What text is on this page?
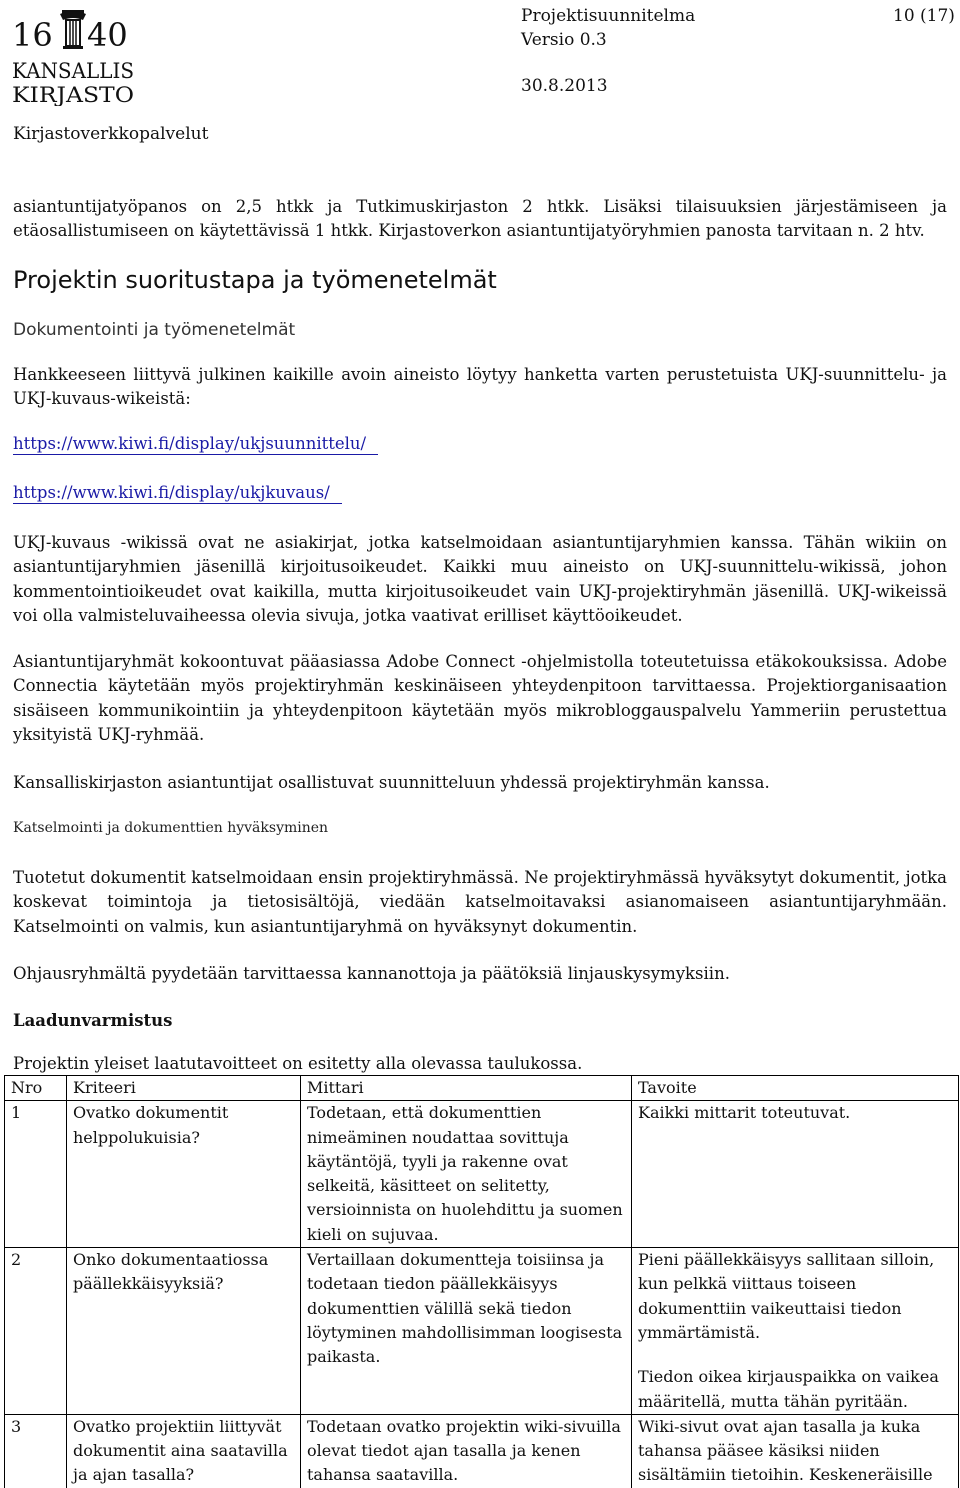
16 40
KANSALLIS
KIRJASTO
Projektisuunnitelma	10 (17)
Versio 0.3
30.8.2013
Kirjastoverkkopalvelut
asiantuntijatyöpanos on 2,5 htkk ja Tutkimuskirjaston 2 htkk. Lisäksi tilaisuuksien järjestämiseen ja etäosallistumiseen on käytettävissä 1 htkk. Kirjastoverkon asiantuntijatyöryhmien panosta tarvitaan n. 2 htv.
Projektin suoritustapa ja työmenetelmät
Dokumentointi ja työmenetelmät
Hankkeeseen liittyvä julkinen kaikille avoin aineisto löytyy hanketta varten perustetuista UKJ-suunnittelu- ja UKJ-kuvaus-wikeistä:
https://www.kiwi.fi/display/ukjsuunnittelu/
https://www.kiwi.fi/display/ukjkuvaus/
UKJ-kuvaus -wikissä ovat ne asiakirjat, jotka katselmoidaan asiantuntijaryhmien kanssa. Tähän wikiin on asiantuntijaryhmien jäsenillä kirjoitusoikeudet. Kaikki muu aineisto on UKJ-suunnittelu-wikissä, johon kommentointioikeudet ovat kaikilla, mutta kirjoitusoikeudet vain UKJ-projektiryhmän jäsenillä. UKJ-wikeissä voi olla valmisteluvaiheessa olevia sivuja, jotka vaativat erilliset käyttöoikeudet.
Asiantuntijaryhmät kokoontuvat pääasiassa Adobe Connect -ohjelmistolla toteutetuissa etäkokouksissa. Adobe Connectia käytetään myös projektiryhmän keskinäiseen yhteydenpitoon tarvittaessa. Projektiorganisaation sisäiseen kommunikointiin ja yhteydenpitoon käytetään myös mikrobloggauspalvelu Yammeriin perustettua yksityistä UKJ-ryhmää.
Kansalliskirjaston asiantuntijat osallistuvat suunnitteluun yhdessä projektiryhmän kanssa.
Katselmointi ja dokumenttien hyväksyminen
Tuotetut dokumentit katselmoidaan ensin projektiryhmässä. Ne projektiryhmässä hyväksytyt dokumentit, jotka koskevat toimintoja ja tietosisältöjä, viedään katselmoitavaksi asianomaiseen asiantuntijaryhmään. Katselmointi on valmis, kun asiantuntijaryhmä on hyväksynyt dokumentin.
Ohjausryhmältä pyydetään tarvittaessa kannanottoja ja päätöksiä linjauskysymyksiin.
Laadunvarmistus
Projektin yleiset laatutavoitteet on esitetty alla olevassa taulukossa.
Nro	Kriteeri	Mittari	Tavoite
1	Ovatko dokumentit helppolukuisia?	Todetaan, että dokumenttien nimeäminen noudattaa sovittuja käytäntöjä, tyyli ja rakenne ovat selkeitä, käsitteet on selitetty, versioinnista on huolehdittu ja suomen kieli on sujuvaa.	Kaikki mittarit toteutuvat.
2	Onko dokumentaatiossa päällekkäisyyksiä?	Vertaillaan dokumentteja toisiinsa ja todetaan tiedon päällekkäisyys dokumenttien välillä sekä tiedon löytyminen mahdollisimman loogisesta paikasta.	Pieni päällekkäisyys sallitaan silloin, kun pelkkä viittaus toiseen dokumenttiin vaikeuttaisi tiedon ymmärtämistä.
Tiedon oikea kirjauspaikka on vaikea määritellä, mutta tähän pyritään.

3	Ovatko projektiin liittyvät dokumentit aina saatavilla ja ajan tasalla?	Todetaan ovatko projektin wiki-sivuilla olevat tiedot ajan tasalla ja kenen tahansa saatavilla.	Wiki-sivut ovat ajan tasalla ja kuka tahansa pääsee käsiksi niiden sisältämiin tietoihin. Keskeneräisille
